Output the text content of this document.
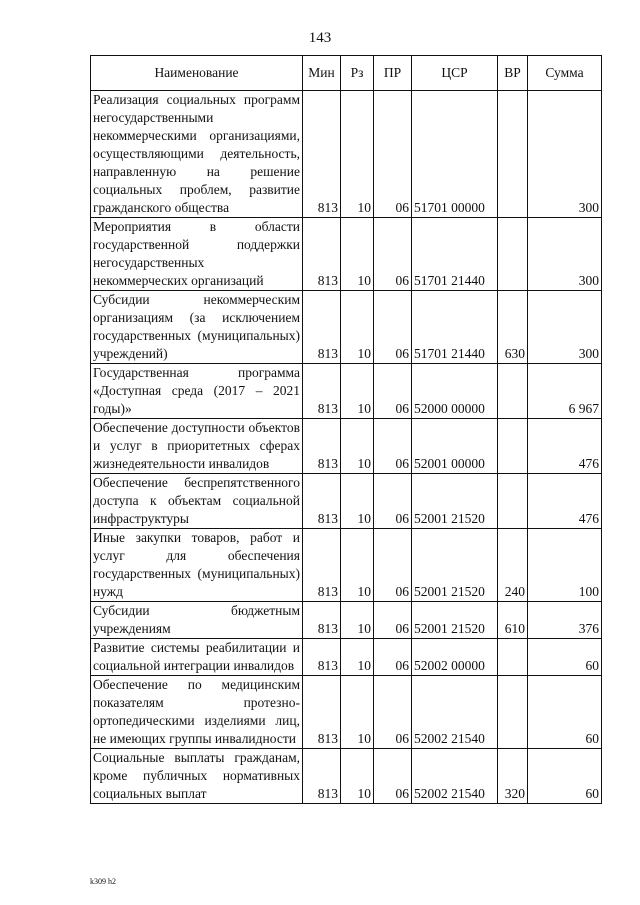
143
Наименование	Мин	Рз	ПР	ЦСР	ВР	Сумма
Реализация социальных программ негосударственными некоммерческими организациями, осуществляющими деятельность, направленную на решение социальных проблем, развитие гражданского общества	813	10	06	51701 00000		300
Мероприятия в области государственной поддержки негосударственных некоммерческих организаций	813	10	06	51701 21440		300
Субсидии некоммерческим организациям (за исключением государственных (муниципальных) учреждений)	813	10	06	51701 21440	630	300
Государственная программа «Доступная среда (2017 – 2021 годы)»	813	10	06	52000 00000		6 967
Обеспечение доступности объектов и услуг в приоритетных сферах жизнедеятельности инвалидов	813	10	06	52001 00000		476
Обеспечение беспрепятственного доступа к объектам социальной инфраструктуры	813	10	06	52001 21520		476
Иные закупки товаров, работ и услуг для обеспечения государственных (муниципальных) нужд	813	10	06	52001 21520	240	100
Субсидии бюджетным учреждениям	813	10	06	52001 21520	610	376
Развитие системы реабилитации и социальной интеграции инвалидов	813	10	06	52002 00000		60
Обеспечение по медицинским показателям протезно-ортопедическими изделиями лиц, не имеющих группы инвалидности	813	10	06	52002 21540		60
Социальные выплаты гражданам, кроме публичных нормативных социальных выплат	813	10	06	52002 21540	320	60
k309 h2
